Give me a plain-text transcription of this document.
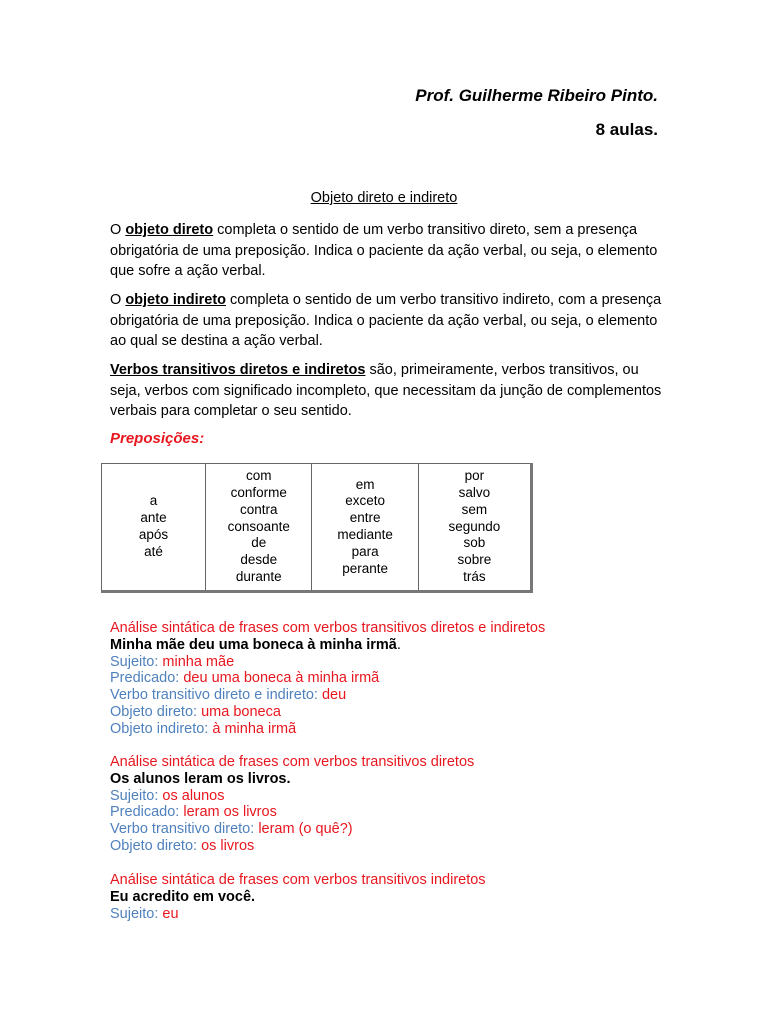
Prof. Guilherme Ribeiro Pinto.
8 aulas.
Objeto direto e indireto

O objeto direto completa o sentido de um verbo transitivo direto, sem a presença obrigatória de uma preposição. Indica o paciente da ação verbal, ou seja, o elemento que sofre a ação verbal.

O objeto indireto completa o sentido de um verbo transitivo indireto, com a presença obrigatória de uma preposição. Indica o paciente da ação verbal, ou seja, o elemento ao qual se destina a ação verbal.

Verbos transitivos diretos e indiretos são, primeiramente, verbos transitivos, ou seja, verbos com significado incompleto, que necessitam da junção de complementos verbais para completar o seu sentido.

Preposições:
a
ante
após
até

com
conforme
contra
consoante
de
desde
durante

em
exceto
entre
mediante
para
perante

por
salvo
sem
segundo
sob
sobre
trás
Análise sintática de frases com verbos transitivos diretos e indiretos
Minha mãe deu uma boneca à minha irmã.
Sujeito: minha mãe
Predicado: deu uma boneca à minha irmã
Verbo transitivo direto e indireto: deu
Objeto direto: uma boneca
Objeto indireto: à minha irmã
Análise sintática de frases com verbos transitivos diretos
Os alunos leram os livros.
Sujeito: os alunos
Predicado: leram os livros
Verbo transitivo direto: leram (o quê?)
Objeto direto: os livros
Análise sintática de frases com verbos transitivos indiretos
Eu acredito em você.
Sujeito: eu
